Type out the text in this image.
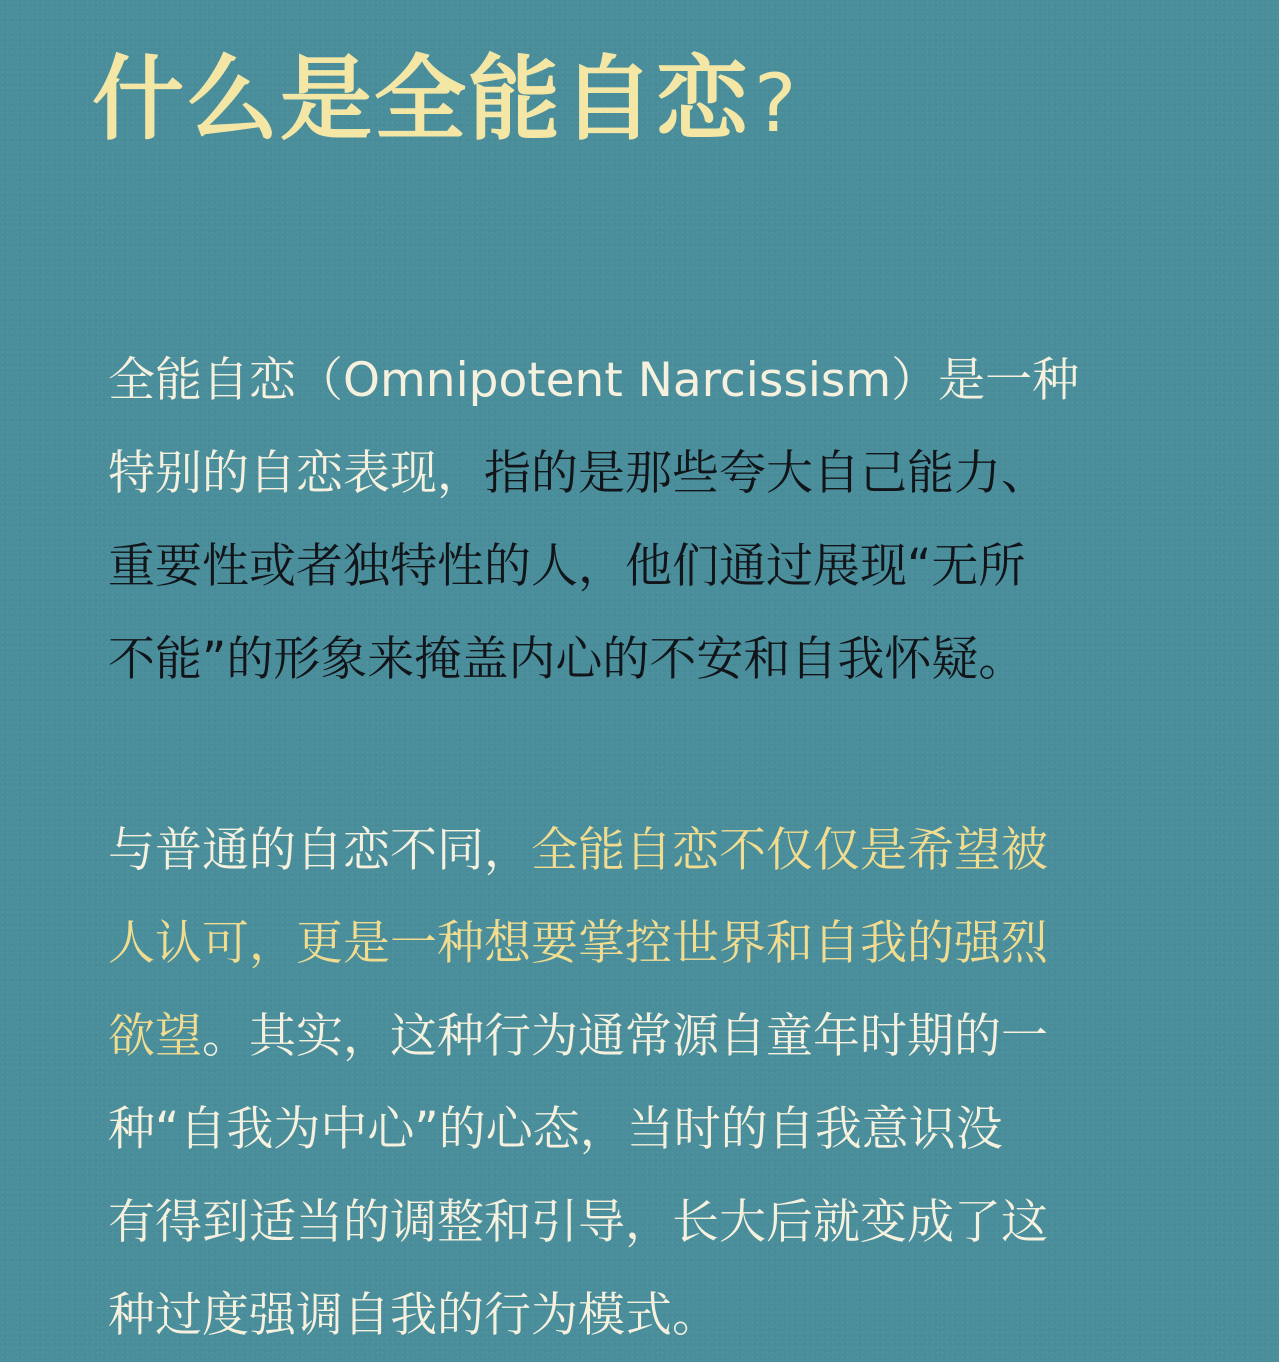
什么是全能自恋?
全能自恋（Omnipotent Narcissism）是一种
特别的自恋表现，指的是那些夸大自己能力、
重要性或者独特性的人，他们通过展现“无所
不能”的形象来掩盖内心的不安和自我怀疑。
与普通的自恋不同，全能自恋不仅仅是希望被
人认可，更是一种想要掌控世界和自我的强烈
欲望。其实，这种行为通常源自童年时期的一
种“自我为中心”的心态，当时的自我意识没
有得到适当的调整和引导，长大后就变成了这
种过度强调自我的行为模式。
